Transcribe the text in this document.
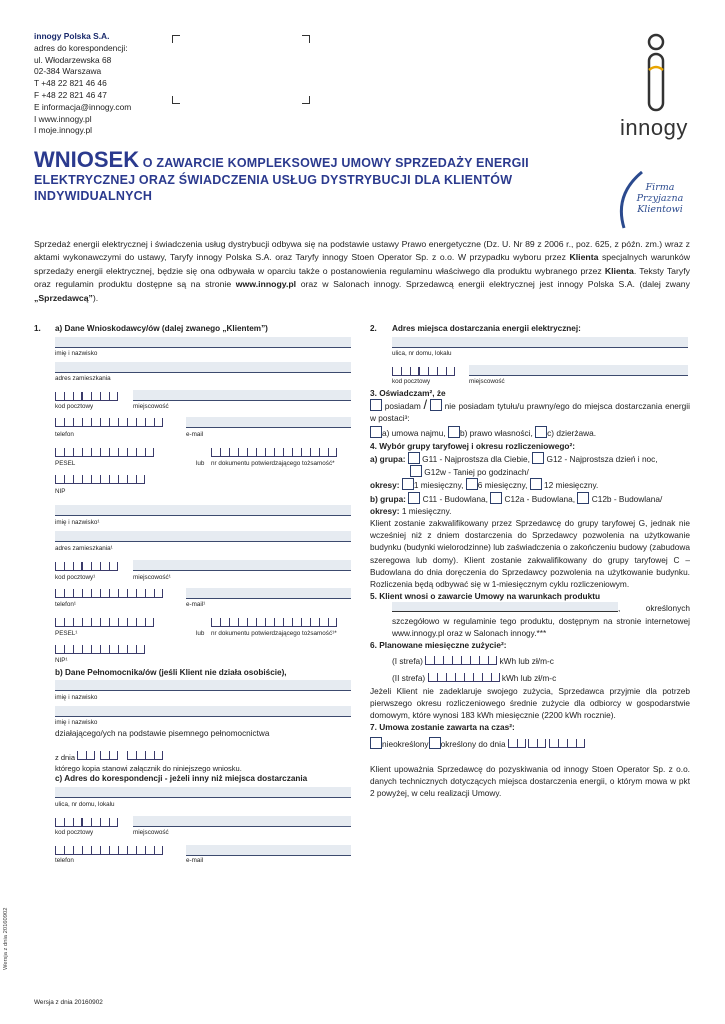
innogy Polska S.A.
adres do korespondencji:
ul. Włodarzewska 68
02-384 Warszawa
T +48 22 821 46 46
F +48 22 821 46 47
E informacja@innogy.com
I www.innogy.pl
I moje.innogy.pl	innogy
Firma
Przyjazna
Klientowi
WNIOSEK O ZAWARCIE KOMPLEKSOWEJ UMOWY SPRZEDAŻY ENERGII
ELEKTRYCZNEJ ORAZ ŚWIADCZENIA USŁUG DYSTRYBUCJI DLA KLIENTÓW
INDYWIDUALNYCH
Sprzedaż energii elektrycznej i świadczenia usług dystrybucji odbywa się na podstawie ustawy Prawo energetyczne (Dz. U. Nr 89 z 2006 r., poz. 625, z późn. zm.) wraz z aktami wykonawczymi do ustawy, Taryfy innogy Polska S.A. oraz Taryfy innogy Stoen Operator Sp. z o.o. W przypadku wyboru przez Klienta specjalnych warunków sprzedaży energii elektrycznej, będzie się ona odbywała w oparciu także o postanowienia regulaminu właściwego dla produktu wybranego przez Klienta. Teksty Taryfy oraz regulamin produktu dostępne są na stronie www.innogy.pl oraz w Salonach innogy. Sprzedawcą energii elektrycznej jest innogy Polska S.A. (dalej zwany „Sprzedawcą”).
1. a) Dane Wnioskodawcy/ów (dalej zwanego „Klientem”)
imię i nazwisko
adres zamieszkania
kod pocztowy	miejscowość
telefon	e-mail
PESEL	lub nr dokumentu potwierdzającego tożsamość*
NIP
imię i nazwisko¹
adres zamieszkania¹
kod pocztowy¹	miejscowość¹
telefon¹	e-mail¹
PESEL¹	lub nr dokumentu potwierdzającego tożsamość¹*
NIP¹
b) Dane Pełnomocnika/ów (jeśli Klient nie działa osobiście),
imię i nazwisko
imię i nazwisko
działającego/ych na podstawie pisemnego pełnomocnictwa
z dnia
którego kopia stanowi załącznik do niniejszego wniosku.
c) Adres do korespondencji - jeżeli inny niż miejsca dostarczania
ulica, nr domu, lokalu
kod pocztowy	miejscowość
telefon	e-mail
2. Adres miejsca dostarczania energii elektrycznej:
ulica, nr domu, lokalu
kod pocztowy	miejscowość

3. Oświadczam², że

posiadam /  nie posiadam tytułu/u prawny/ego do miejsca dostarczania energii w postaci³:

a) umowa najmu, b) prawo własności, c) dzierżawa.

4. Wybór grupy taryfowej i okresu rozliczeniowego²:

a) grupa:  G11 - Najprostsza dla Ciebie,  G12 - Najprostsza dzień i noc,

G12w - Taniej po godzinach/

okresy: 1 miesięczny, 6 miesięczny,  12 miesięczny.

b) grupa:  C11 - Budowlana,  C12a - Budowlana,  C12b - Budowlana/

okresy: 1 miesięczny.

Klient zostanie zakwalifikowany przez Sprzedawcę do grupy taryfowej G, jednak nie wcześniej niż z dniem dostarczenia do Sprzedawcy pozwolenia na użytkowanie budynku (budynki wielorodzinne) lub zaświadczenia o zakończeniu budowy (zabudowa szeregowa lub domy). Klient zostanie zakwalifikowany do grupy taryfowej C – Budowlana do dnia doręczenia do Sprzedawcy pozwolenia na użytkowanie budynku. Rozliczenia będą odbywać się w 1-miesięcznym cyklu rozliczeniowym.

5. Klient wnosi o zawarcie Umowy na warunkach produktu

, określonych szczegółowo w regulaminie tego produktu, dostępnym na stronie internetowej www.innogy.pl oraz w Salonach innogy.***

6. Planowane miesięczne zużycie²:

(I strefa)	kWh lub zł/m-c

(II strefa)	kWh lub zł/m-c

Jeżeli Klient nie zadeklaruje swojego zużycia, Sprzedawca przyjmie dla potrzeb pierwszego okresu rozliczeniowego średnie zużycie dla odbiorcy w gospodarstwie domowym, które wynosi 183 kWh miesięcznie (2200 kWh rocznie).

7. Umowa zostanie zawarta na czas²:

nieokreślony określony do dnia

Klient upoważnia Sprzedawcę do pozyskiwania od innogy Stoen Operator Sp. z o.o. danych technicznych dotyczących miejsca dostarczenia energii, o którym mowa w pkt 2 powyżej, w celu realizacji Umowy.

Wersja z dnia 20160902
Wersja z dnia 20160902
